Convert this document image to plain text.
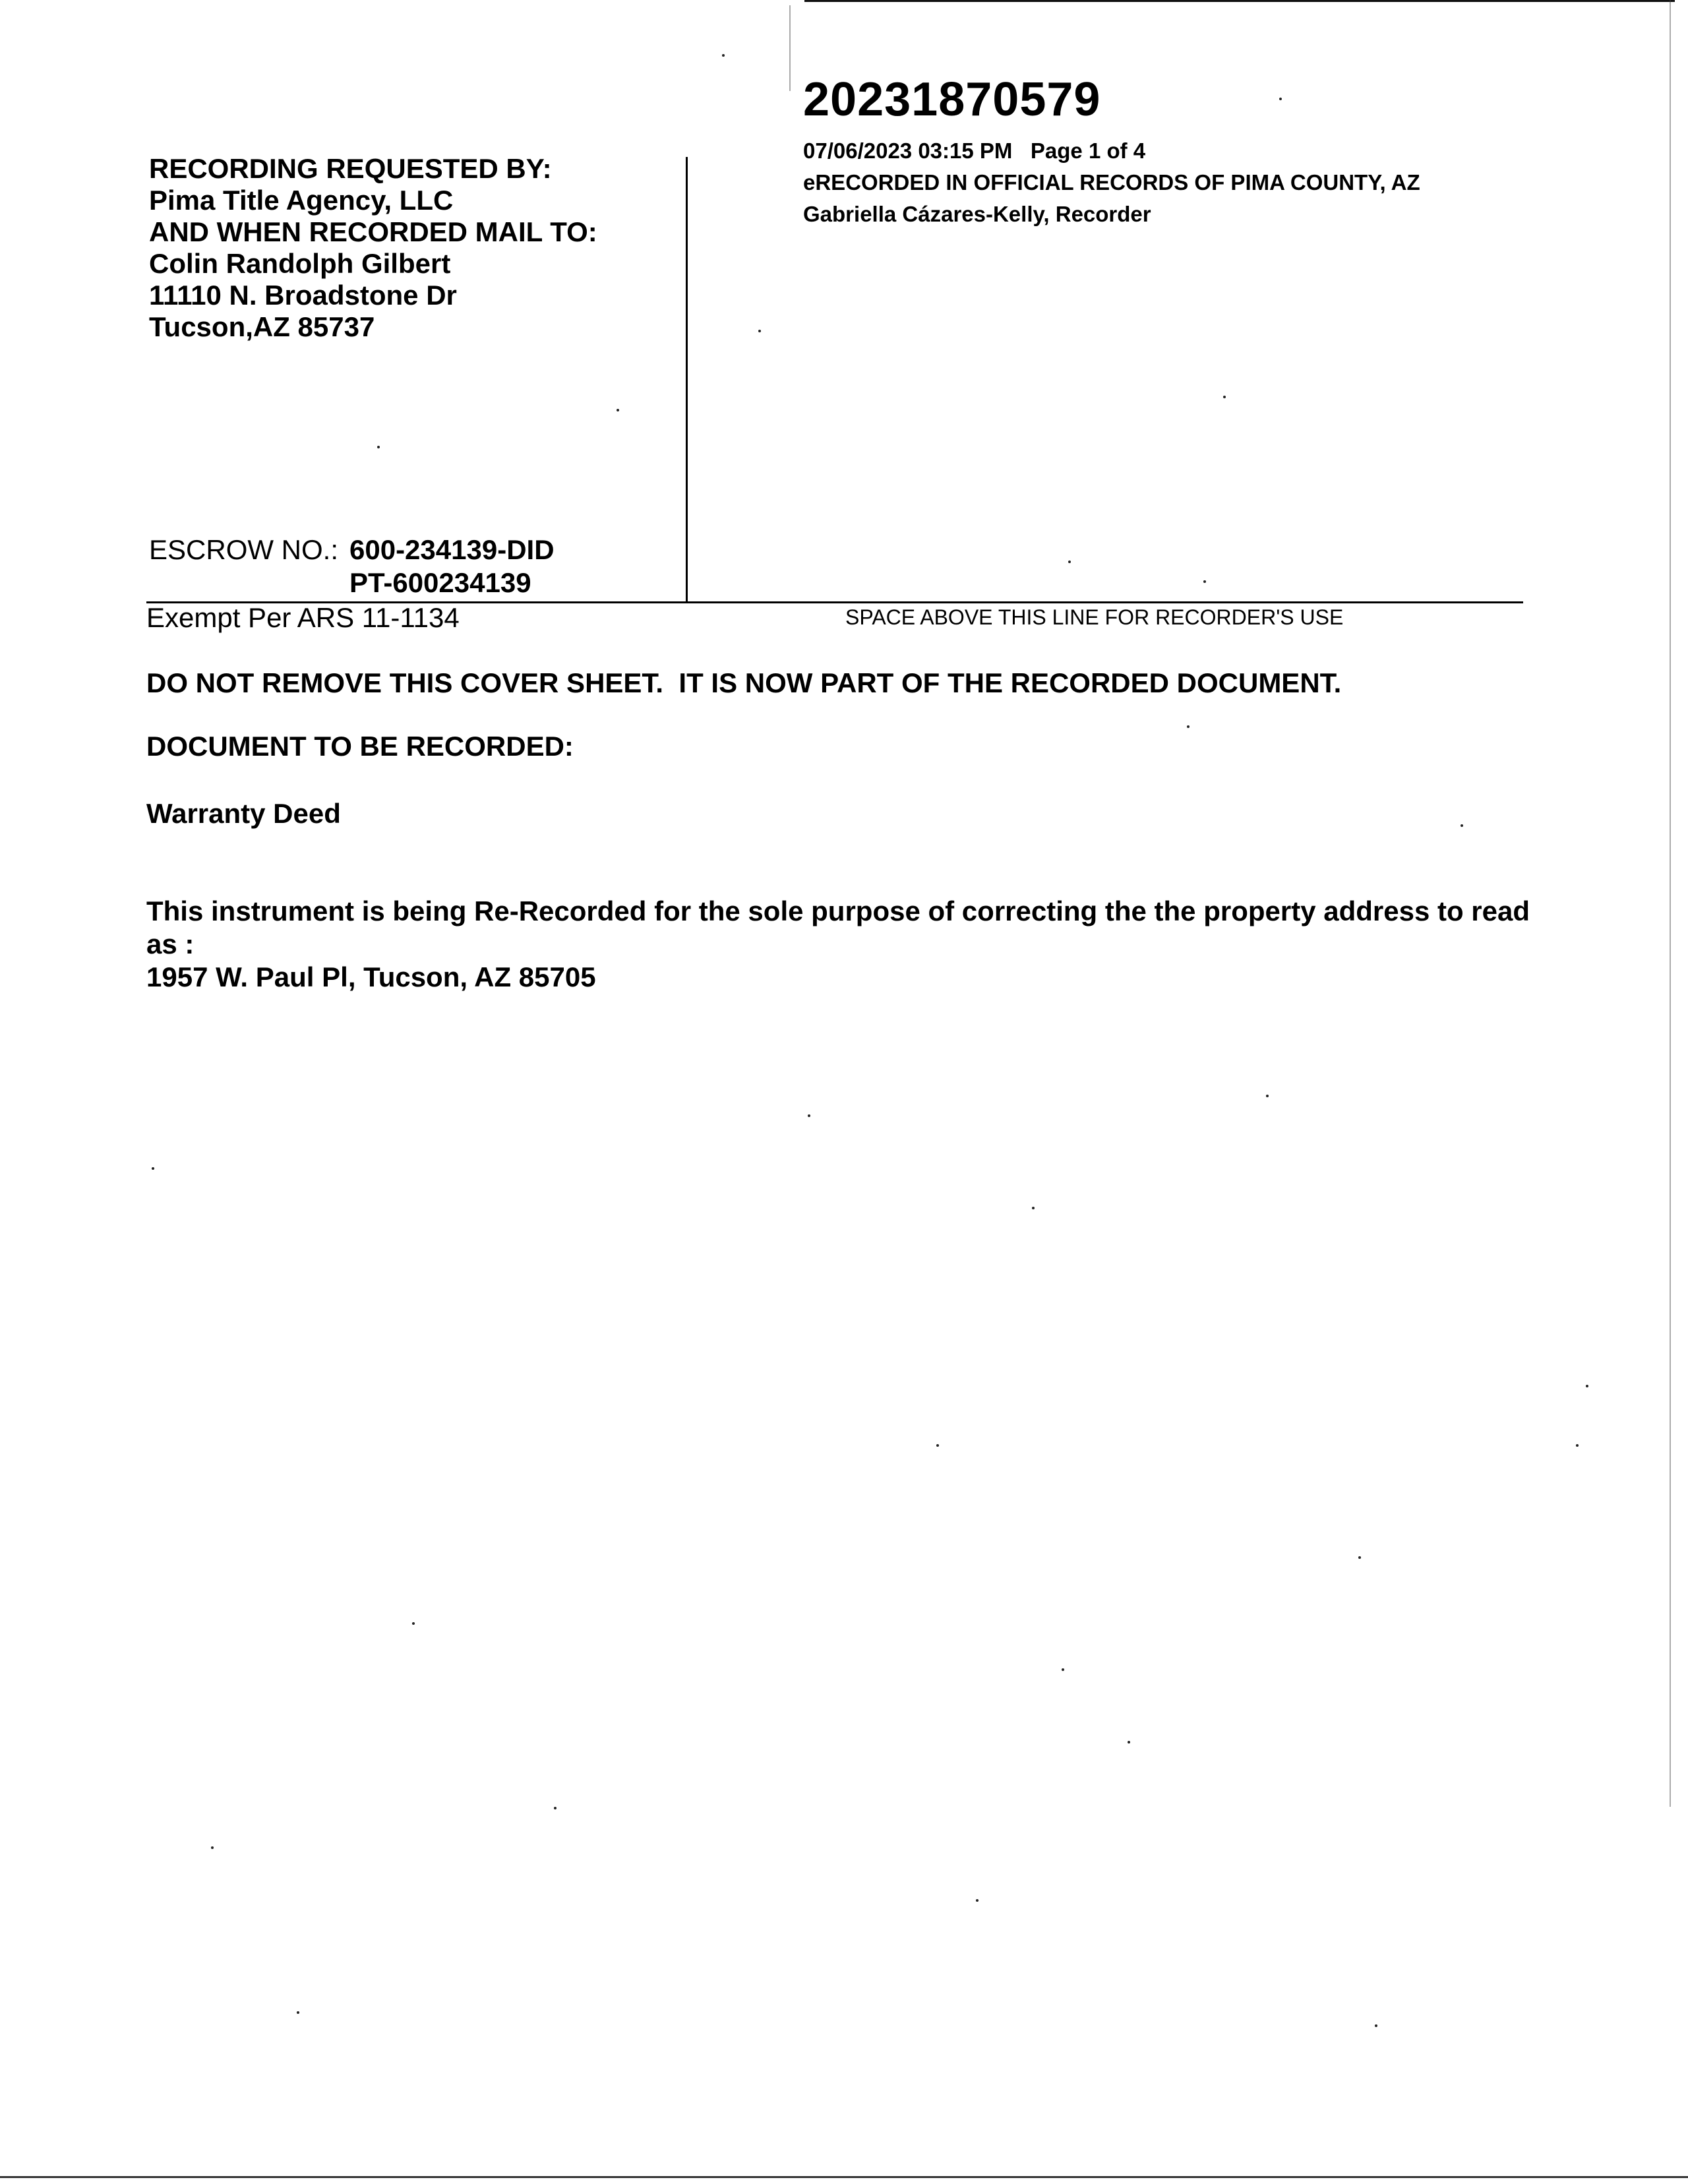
RECORDING REQUESTED BY:
Pima Title Agency, LLC
AND WHEN RECORDED MAIL TO:
Colin Randolph Gilbert
11110 N. Broadstone Dr
Tucson,AZ 85737
20231870579
07/06/2023 03:15 PM   Page 1 of 4
eRECORDED IN OFFICIAL RECORDS OF PIMA COUNTY, AZ
Gabriella Cázares-Kelly, Recorder
ESCROW NO.: 600-234139-DID
PT-600234139
Exempt Per ARS 11-1134	SPACE ABOVE THIS LINE FOR RECORDER'S USE
DO NOT REMOVE THIS COVER SHEET.  IT IS NOW PART OF THE RECORDED DOCUMENT.
DOCUMENT TO BE RECORDED:
Warranty Deed
This instrument is being Re-Recorded for the sole purpose of correcting the the property address to read
as :
1957 W. Paul Pl, Tucson, AZ 85705
